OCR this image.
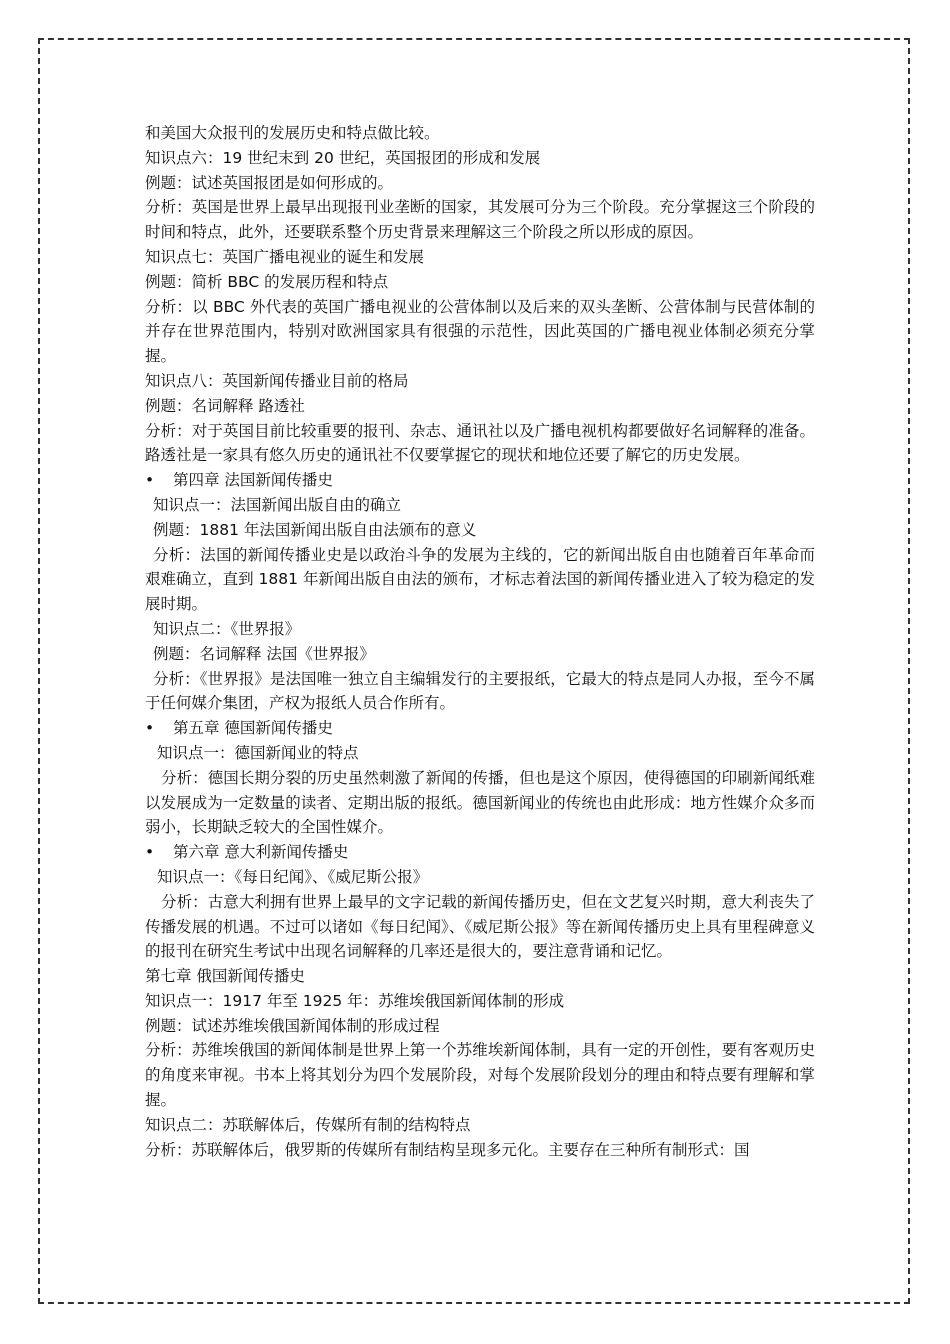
和美国大众报刊的发展历史和特点做比较。

知识点六：19 世纪末到 20 世纪，英国报团的形成和发展

例题：试述英国报团是如何形成的。

分析：英国是世界上最早出现报刊业垄断的国家，其发展可分为三个阶段。充分掌握这三个阶段的时间和特点，此外，还要联系整个历史背景来理解这三个阶段之所以形成的原因。

知识点七：英国广播电视业的诞生和发展

例题：简析 BBC 的发展历程和特点

分析：以 BBC 外代表的英国广播电视业的公营体制以及后来的双头垄断、公营体制与民营体制的并存在世界范围内，特别对欧洲国家具有很强的示范性，因此英国的广播电视业体制必须充分掌握。

知识点八：英国新闻传播业目前的格局

例题：名词解释 路透社

分析：对于英国目前比较重要的报刊、杂志、通讯社以及广播电视机构都要做好名词解释的准备。路透社是一家具有悠久历史的通讯社不仅要掌握它的现状和地位还要了解它的历史发展。

• 第四章 法国新闻传播史

知识点一：法国新闻出版自由的确立

例题：1881 年法国新闻出版自由法颁布的意义

分析：法国的新闻传播业史是以政治斗争的发展为主线的，它的新闻出版自由也随着百年革命而艰难确立，直到 1881 年新闻出版自由法的颁布，才标志着法国的新闻传播业进入了较为稳定的发展时期。

知识点二：《世界报》

例题：名词解释 法国《世界报》

分析：《世界报》是法国唯一独立自主编辑发行的主要报纸，它最大的特点是同人办报，至今不属于任何媒介集团，产权为报纸人员合作所有。

• 第五章 德国新闻传播史

知识点一：德国新闻业的特点

分析：德国长期分裂的历史虽然刺激了新闻的传播，但也是这个原因，使得德国的印刷新闻纸难以发展成为一定数量的读者、定期出版的报纸。德国新闻业的传统也由此形成：地方性媒介众多而弱小，长期缺乏较大的全国性媒介。

• 第六章 意大利新闻传播史

知识点一：《每日纪闻》、《威尼斯公报》

分析：古意大利拥有世界上最早的文字记载的新闻传播历史，但在文艺复兴时期，意大利丧失了传播发展的机遇。不过可以诸如《每日纪闻》、《威尼斯公报》等在新闻传播历史上具有里程碑意义的报刊在研究生考试中出现名词解释的几率还是很大的，要注意背诵和记忆。

第七章 俄国新闻传播史

知识点一：1917 年至 1925 年：苏维埃俄国新闻体制的形成

例题：试述苏维埃俄国新闻体制的形成过程

分析：苏维埃俄国的新闻体制是世界上第一个苏维埃新闻体制，具有一定的开创性，要有客观历史的角度来审视。书本上将其划分为四个发展阶段，对每个发展阶段划分的理由和特点要有理解和掌握。

知识点二：苏联解体后，传媒所有制的结构特点

分析：苏联解体后，俄罗斯的传媒所有制结构呈现多元化。主要存在三种所有制形式：国
